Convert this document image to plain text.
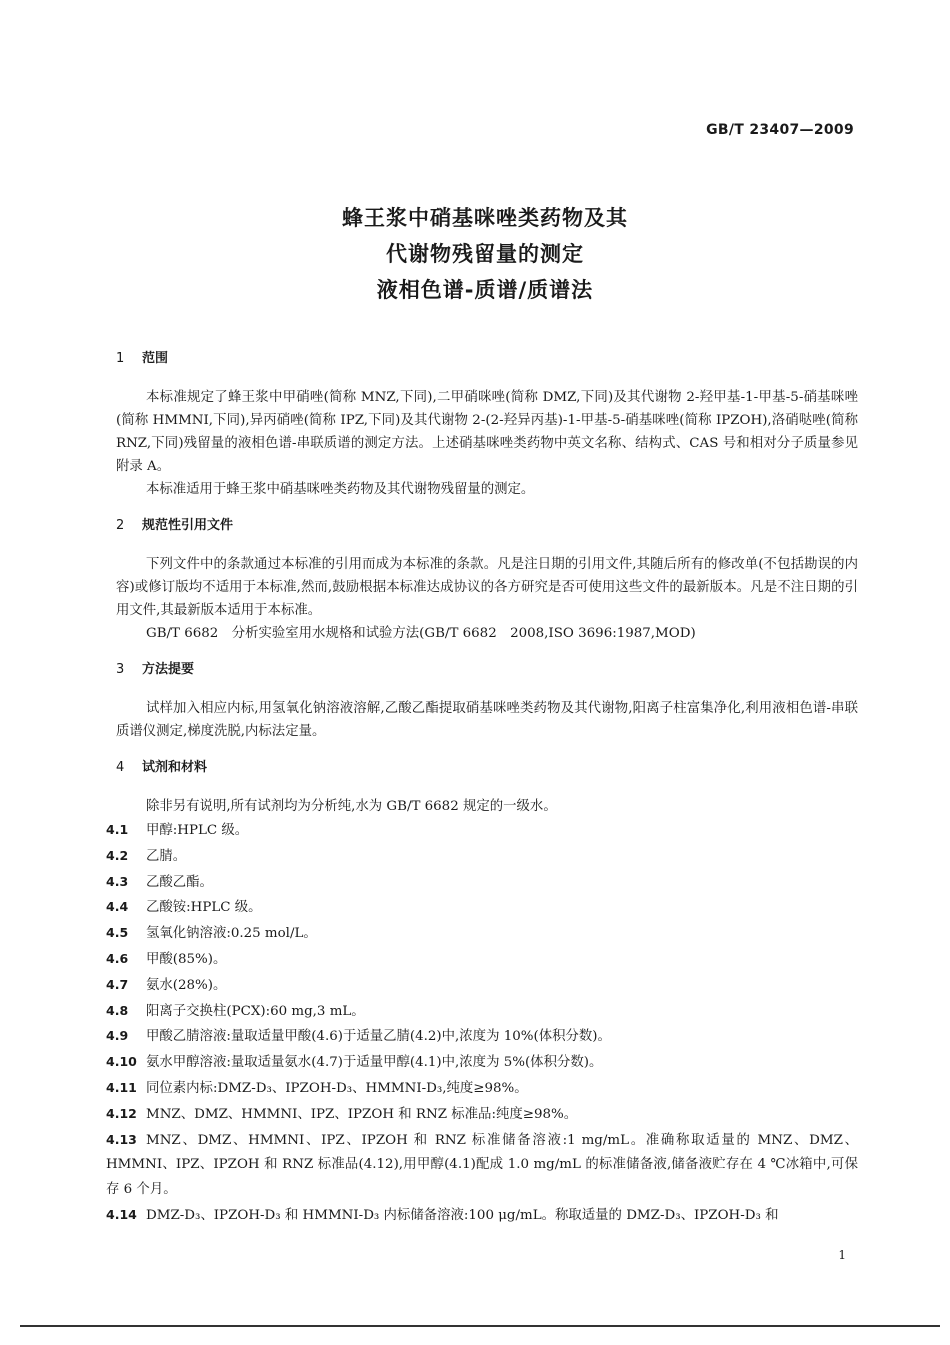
GB/T 23407—2009
蜂王浆中硝基咪唑类药物及其
代谢物残留量的测定
液相色谱-质谱/质谱法
1 范围
本标准规定了蜂王浆中甲硝唑(简称 MNZ,下同),二甲硝咪唑(简称 DMZ,下同)及其代谢物 2-羟甲基-1-甲基-5-硝基咪唑(简称 HMMNI,下同),异丙硝唑(简称 IPZ,下同)及其代谢物 2-(2-羟异丙基)-1-甲基-5-硝基咪唑(简称 IPZOH),洛硝哒唑(简称 RNZ,下同)残留量的液相色谱-串联质谱的测定方法。上述硝基咪唑类药物中英文名称、结构式、CAS 号和相对分子质量参见附录 A。
本标准适用于蜂王浆中硝基咪唑类药物及其代谢物残留量的测定。
2 规范性引用文件
下列文件中的条款通过本标准的引用而成为本标准的条款。凡是注日期的引用文件,其随后所有的修改单(不包括勘误的内容)或修订版均不适用于本标准,然而,鼓励根据本标准达成协议的各方研究是否可使用这些文件的最新版本。凡是不注日期的引用文件,其最新版本适用于本标准。
GB/T 6682　分析实验室用水规格和试验方法(GB/T 6682　2008,ISO 3696:1987,MOD)
3 方法提要
试样加入相应内标,用氢氧化钠溶液溶解,乙酸乙酯提取硝基咪唑类药物及其代谢物,阳离子柱富集净化,利用液相色谱-串联质谱仪测定,梯度洗脱,内标法定量。
4 试剂和材料
除非另有说明,所有试剂均为分析纯,水为 GB/T 6682 规定的一级水。
4.1 甲醇:HPLC 级。
4.2 乙腈。
4.3 乙酸乙酯。
4.4 乙酸铵:HPLC 级。
4.5 氢氧化钠溶液:0.25 mol/L。
4.6 甲酸(85%)。
4.7 氨水(28%)。
4.8 阳离子交换柱(PCX):60 mg,3 mL。
4.9 甲酸乙腈溶液:量取适量甲酸(4.6)于适量乙腈(4.2)中,浓度为 10%(体积分数)。
4.10 氨水甲醇溶液:量取适量氨水(4.7)于适量甲醇(4.1)中,浓度为 5%(体积分数)。
4.11 同位素内标:DMZ-D₃、IPZOH-D₃、HMMNI-D₃,纯度≥98%。
4.12 MNZ、DMZ、HMMNI、IPZ、IPZOH 和 RNZ 标准品:纯度≥98%。
4.13 MNZ、DMZ、HMMNI、IPZ、IPZOH 和 RNZ 标准储备溶液:1 mg/mL。准确称取适量的 MNZ、DMZ、HMMNI、IPZ、IPZOH 和 RNZ 标准品(4.12),用甲醇(4.1)配成 1.0 mg/mL 的标准储备液,储备液贮存在 4 ℃冰箱中,可保存 6 个月。
4.14 DMZ-D₃、IPZOH-D₃ 和 HMMNI-D₃ 内标储备溶液:100 μg/mL。称取适量的 DMZ-D₃、IPZOH-D₃ 和
1
